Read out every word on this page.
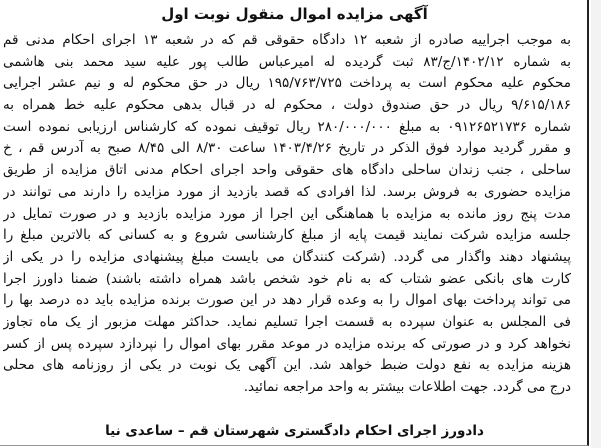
آگهی مزایده اموال منقول نوبت اول
به موجب اجراییه صادره از شعبه ۱۲ دادگاه حقوقی قم که در شعبه ۱۳ اجرای احکام مدنی قم
به شماره ۱۴۰۲/۱۲/ج/۸۳ ثبت گردیده له امیرعباس طالب پور علیه سید محمد بنی هاشمی
محکوم علیه محکوم است به پرداخت ۱۹۵/۷۶۳/۷۲۵ ریال در حق محکوم له و نیم عشر اجرایی
۹/۶۱۵/۱۸۶ ریال در حق صندوق دولت ، محکوم له در قبال بدهی محکوم علیه خط همراه به
شماره ۰۹۱۲۶۵۲۱۷۳۶ به مبلغ ۲۸۰/۰۰۰/۰۰۰ ریال توقیف نموده که کارشناس ارزیابی نموده است
و مقرر گردید موارد فوق الذکر در تاریخ ۱۴۰۳/۴/۲۶ ساعت ۸/۳۰ الی ۸/۴۵ صبح به آدرس قم ، خ
ساحلی ، جنب زندان ساحلی دادگاه های حقوقی واحد اجرای احکام مدنی اتاق مزایده از طریق
مزایده حضوری به فروش برسد. لذا افرادی که قصد بازدید از مورد مزایده را دارند می توانند در
مدت پنج روز مانده به مزایده با هماهنگی این اجرا از مورد مزایده بازدید و در صورت تمایل در
جلسه مزایده شرکت نمایند قیمت پایه از مبلغ کارشناسی شروع و به کسانی که بالاترین مبلغ را
پیشنهاد دهند واگذار می گردد. (شرکت کنندگان می بایست مبلغ پیشنهادی مزایده را در یکی از
کارت های بانکی عضو شتاب که به نام خود شخص باشد همراه داشته باشند) ضمنا داورز اجرا
می تواند پرداخت بهای اموال را به وعده قرار دهد در این صورت برنده مزایده باید ده درصد بها را
فی المجلس به عنوان سپرده به قسمت اجرا تسلیم نماید. حداکثر مهلت مزبور از یک ماه تجاوز
نخواهد کرد و در صورتی که برنده مزایده در موعد مقرر بهای اموال را نپردازد سپرده پس از کسر
هزینه مزایده به نفع دولت ضبط خواهد شد. این آگهی یک نوبت در یکی از روزنامه های محلی
درج می گردد. جهت اطلاعات بیشتر به واحد مراجعه نمائید.
دادورز اجرای احکام دادگستری شهرستان قم – ساعدی نیا
